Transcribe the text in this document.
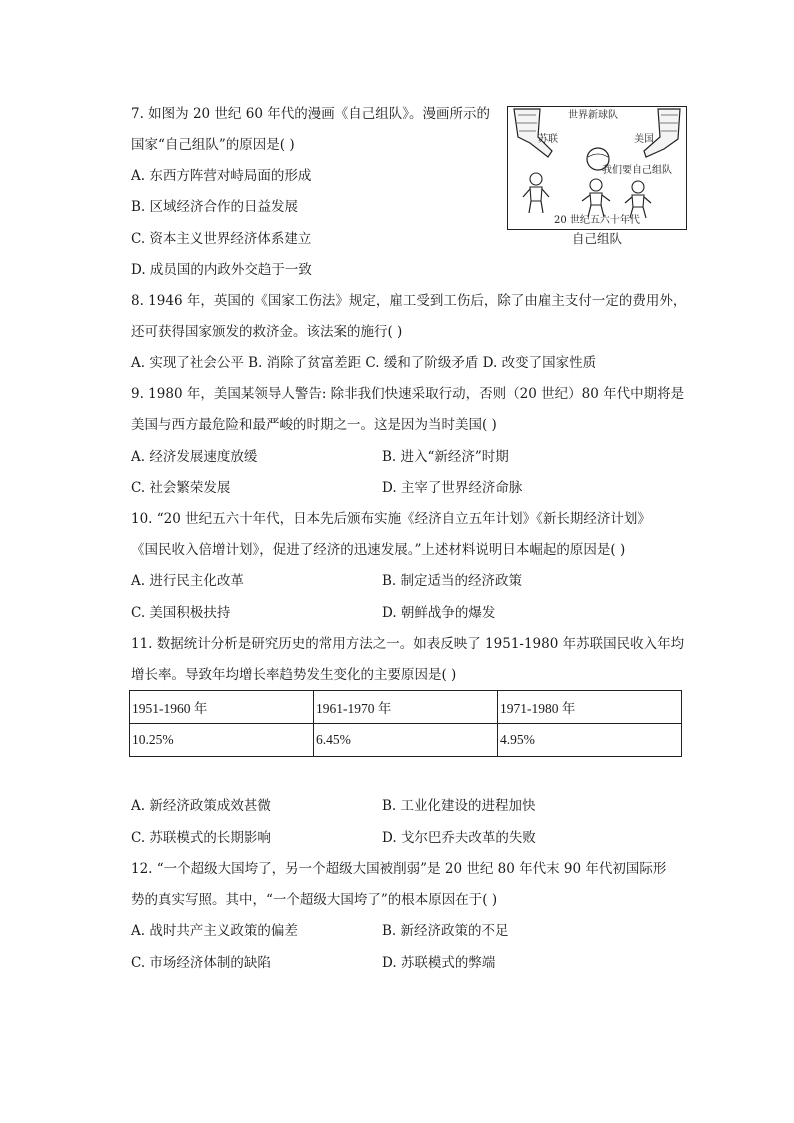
7. 如图为 20 世纪 60 年代的漫画《自己组队》。漫画所示的
国家“自己组队”的原因是( )
A. 东西方阵营对峙局面的形成
B. 区域经济合作的日益发展
C. 资本主义世界经济体系建立
D. 成员国的内政外交趋于一致
世界新球队
苏联	美国
我们要自己组队
20 世纪五六十年代
自己组队
8. 1946 年，英国的《国家工伤法》规定，雇工受到工伤后，除了由雇主支付一定的费用外，
还可获得国家颁发的救济金。该法案的施行( )
A. 实现了社会公平 B. 消除了贫富差距 C. 缓和了阶级矛盾 D. 改变了国家性质
9. 1980 年，美国某领导人警告: 除非我们快速采取行动，否则（20 世纪）80 年代中期将是
美国与西方最危险和最严峻的时期之一。这是因为当时美国( )
A. 经济发展速度放缓	B. 进入“新经济”时期
C. 社会繁荣发展	D. 主宰了世界经济命脉
10. “20 世纪五六十年代，日本先后颁布实施《经济自立五年计划》《新长期经济计划》
《国民收入倍增计划》，促进了经济的迅速发展。”上述材料说明日本崛起的原因是( )
A. 进行民主化改革	B. 制定适当的经济政策
C. 美国积极扶持	D. 朝鲜战争的爆发
11. 数据统计分析是研究历史的常用方法之一。如表反映了 1951-1980 年苏联国民收入年均
增长率。导致年均增长率趋势发生变化的主要原因是( )
1951-1960 年	1961-1970 年	1971-1980 年
10.25%	6.45%	4.95%
A. 新经济政策成效甚微	B. 工业化建设的进程加快
C. 苏联模式的长期影响	D. 戈尔巴乔夫改革的失败
12. “一个超级大国垮了，另一个超级大国被削弱”是 20 世纪 80 年代末 90 年代初国际形
势的真实写照。其中，“一个超级大国垮了”的根本原因在于( )
A. 战时共产主义政策的偏差	B. 新经济政策的不足
C. 市场经济体制的缺陷	D. 苏联模式的弊端
